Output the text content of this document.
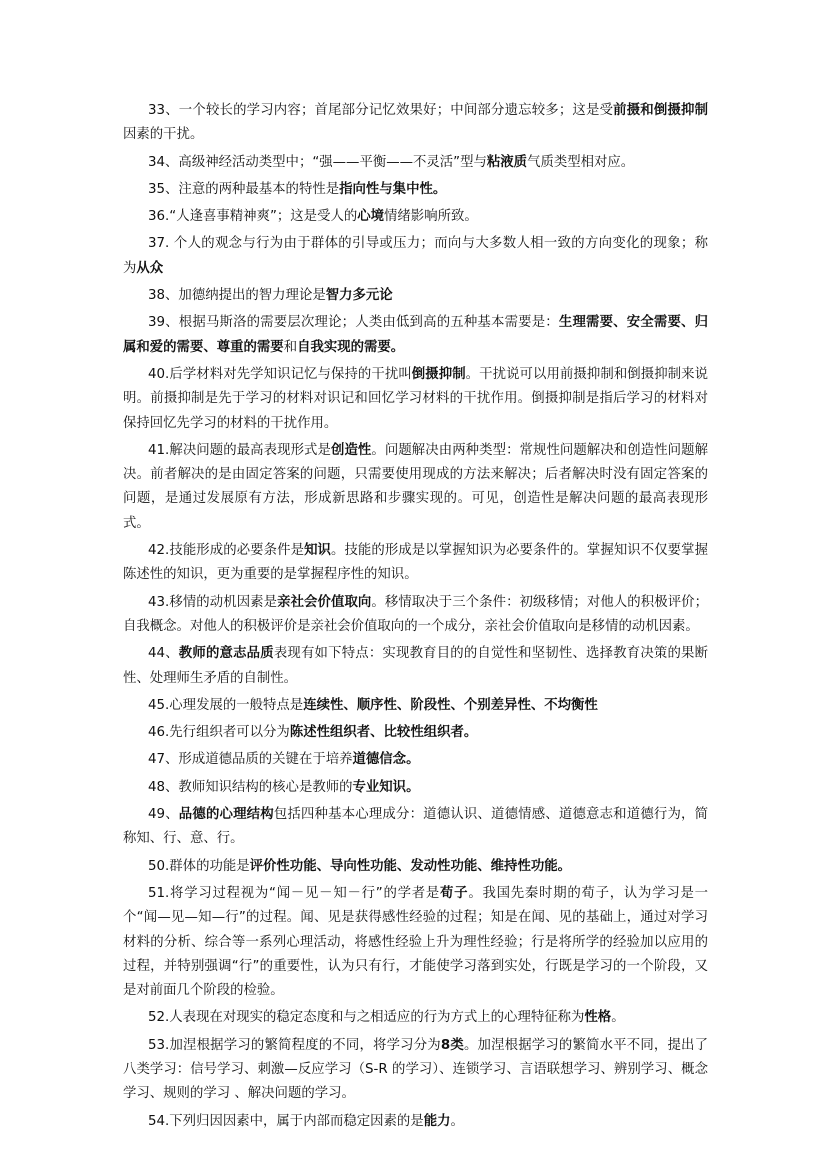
33、一个较长的学习内容；首尾部分记忆效果好；中间部分遗忘较多；这是受前摄和倒摄抑制因素的干扰。

34、高级神经活动类型中；“强——平衡——不灵活”型与粘液质气质类型相对应。

35、注意的两种最基本的特性是指向性与集中性。

36.“人逢喜事精神爽”；这是受人的心境情绪影响所致。

37. 个人的观念与行为由于群体的引导或压力；而向与大多数人相一致的方向变化的现象；称为从众

38、加德纳提出的智力理论是智力多元论

39、根据马斯洛的需要层次理论；人类由低到高的五种基本需要是：生理需要、安全需要、归属和爱的需要、尊重的需要和自我实现的需要。

40.后学材料对先学知识记忆与保持的干扰叫倒摄抑制。干扰说可以用前摄抑制和倒摄抑制来说明。前摄抑制是先于学习的材料对识记和回忆学习材料的干扰作用。倒摄抑制是指后学习的材料对保持回忆先学习的材料的干扰作用。

41.解决问题的最高表现形式是创造性。问题解决由两种类型：常规性问题解决和创造性问题解决。前者解决的是由固定答案的问题，只需要使用现成的方法来解决；后者解决时没有固定答案的问题，是通过发展原有方法，形成新思路和步骤实现的。可见，创造性是解决问题的最高表现形式。

42.技能形成的必要条件是知识。技能的形成是以掌握知识为必要条件的。掌握知识不仅要掌握陈述性的知识，更为重要的是掌握程序性的知识。

43.移情的动机因素是亲社会价值取向。移情取决于三个条件：初级移情；对他人的积极评价；自我概念。对他人的积极评价是亲社会价值取向的一个成分，亲社会价值取向是移情的动机因素。

44、教师的意志品质表现有如下特点：实现教育目的的自觉性和坚韧性、选择教育决策的果断性、处理师生矛盾的自制性。

45.心理发展的一般特点是连续性、顺序性、阶段性、个别差异性、不均衡性

46.先行组织者可以分为陈述性组织者、比较性组织者。

47、形成道德品质的关键在于培养道德信念。

48、教师知识结构的核心是教师的专业知识。

49、品德的心理结构包括四种基本心理成分：道德认识、道德情感、道德意志和道德行为，简称知、行、意、行。

50.群体的功能是评价性功能、导向性功能、发动性功能、维持性功能。

51.将学习过程视为“闻－见－知－行”的学者是荀子。我国先秦时期的荀子，认为学习是一个“闻—见—知—行”的过程。闻、见是获得感性经验的过程；知是在闻、见的基础上，通过对学习材料的分析、综合等一系列心理活动，将感性经验上升为理性经验；行是将所学的经验加以应用的过程，并特别强调“行”的重要性，认为只有行，才能使学习落到实处，行既是学习的一个阶段，又是对前面几个阶段的检验。

52.人表现在对现实的稳定态度和与之相适应的行为方式上的心理特征称为性格。

53.加涅根据学习的繁简程度的不同，将学习分为8类。加涅根据学习的繁简水平不同，提出了八类学习：信号学习、刺激—反应学习（S-R 的学习）、连锁学习、言语联想学习、辨别学习、概念学习、规则的学习 、解决问题的学习。

54.下列归因因素中，属于内部而稳定因素的是能力。
